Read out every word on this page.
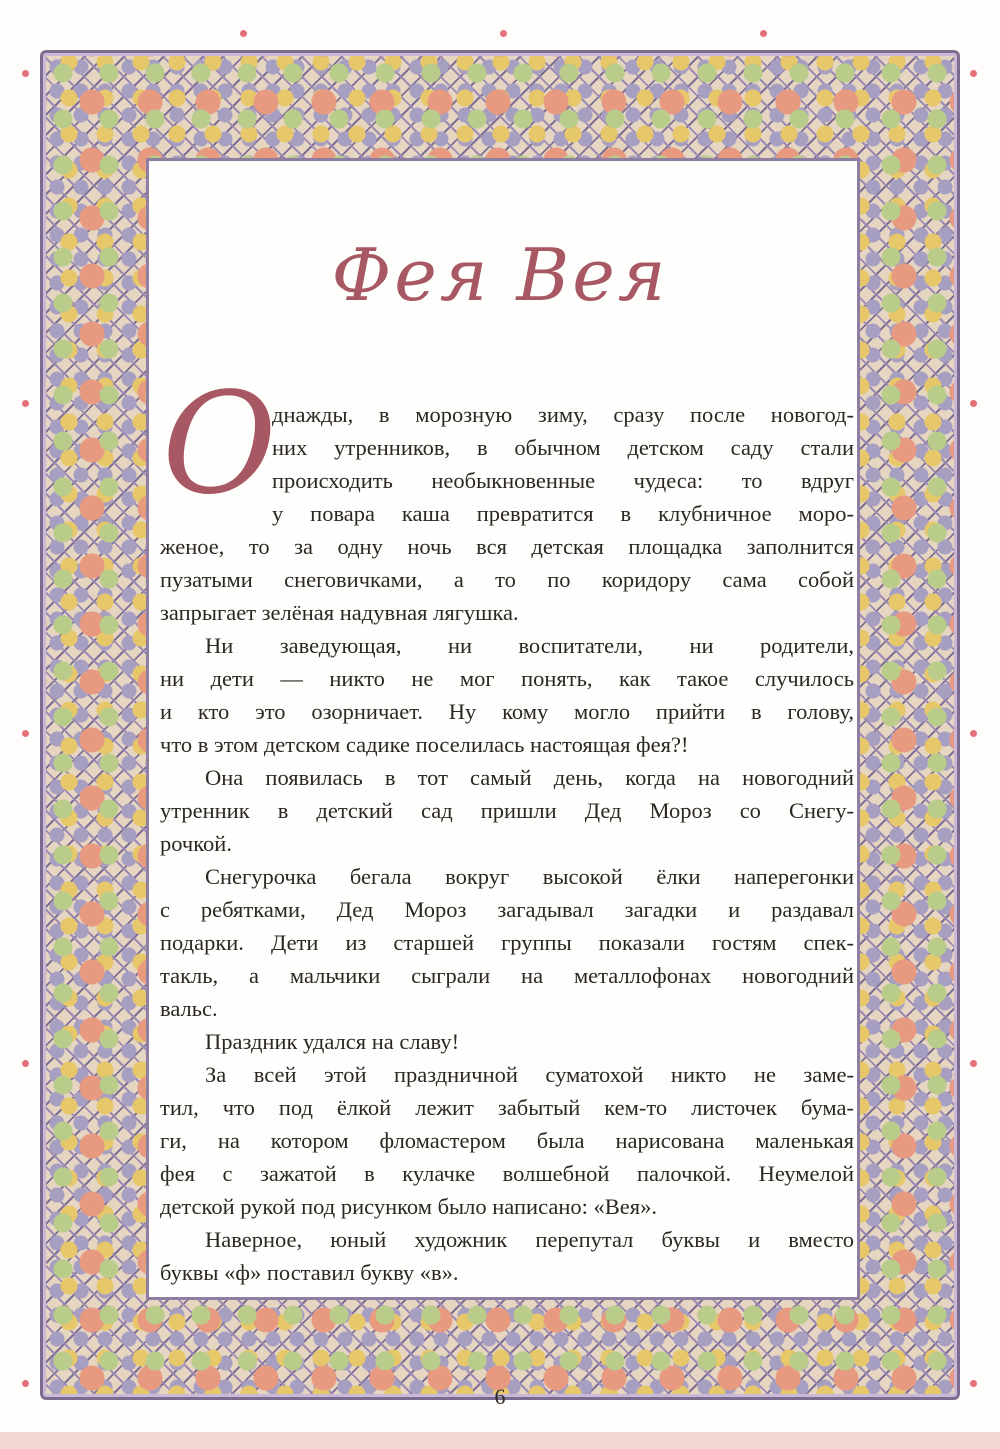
Фея Вея
О
днажды, в морозную зиму, сразу после новогод-
них утренников, в обычном детском саду стали
происходить необыкновенные чудеса: то вдруг
у повара каша превратится в клубничное моро-
женое, то за одну ночь вся детская площадка заполнится
пузатыми снеговичками, а то по коридору сама собой
запрыгает зелёная надувная лягушка.
Ни заведующая, ни воспитатели, ни родители,
ни дети — никто не мог понять, как такое случилось
и кто это озорничает. Ну кому могло прийти в голову,
что в этом детском садике поселилась настоящая фея?!
Она появилась в тот самый день, когда на новогодний
утренник в детский сад пришли Дед Мороз со Снегу-
рочкой.
Снегурочка бегала вокруг высокой ёлки наперегонки
с ребятками, Дед Мороз загадывал загадки и раздавал
подарки. Дети из старшей группы показали гостям спек-
такль, а мальчики сыграли на металлофонах новогодний
вальс.
Праздник удался на славу!
За всей этой праздничной суматохой никто не заме-
тил, что под ёлкой лежит забытый кем-то листочек бума-
ги, на котором фломастером была нарисована маленькая
фея с зажатой в кулачке волшебной палочкой. Неумелой
детской рукой под рисунком было написано: «Вея».
Наверное, юный художник перепутал буквы и вместо
буквы «ф» поставил букву «в».
6
